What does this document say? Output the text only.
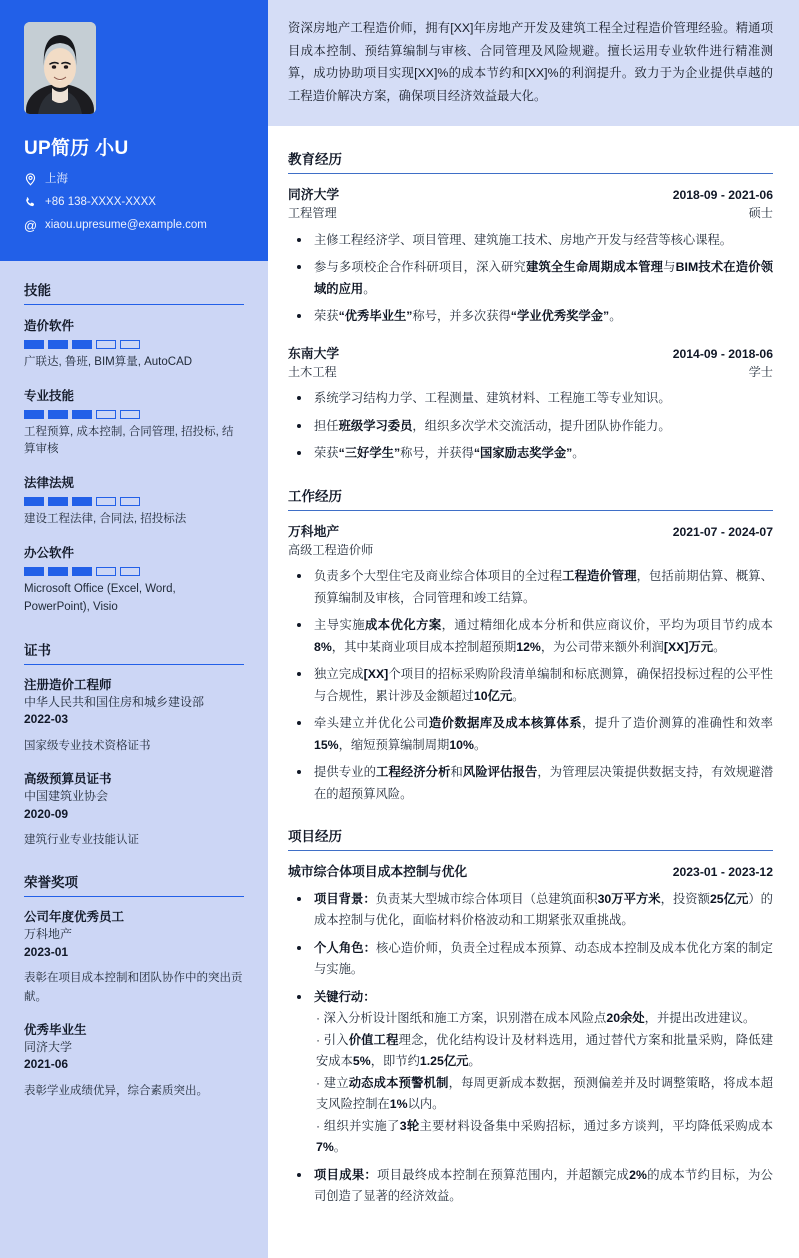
UP简历 小U
上海
+86 138-XXXX-XXXX
@ xiaou.upresume@example.com
技能
造价软件
广联达, 鲁班, BIM算量, AutoCAD
专业技能
工程预算, 成本控制, 合同管理, 招投标, 结算审核
法律法规
建设工程法律, 合同法, 招投标法
办公软件
Microsoft Office (Excel, Word, PowerPoint), Visio
证书
注册造价工程师
中华人民共和国住房和城乡建设部
2022-03
国家级专业技术资格证书
高级预算员证书
中国建筑业协会
2020-09
建筑行业专业技能认证
荣誉奖项
公司年度优秀员工
万科地产
2023-01
表彰在项目成本控制和团队协作中的突出贡献。
优秀毕业生
同济大学
2021-06
表彰学业成绩优异，综合素质突出。
资深房地产工程造价师，拥有[XX]年房地产开发及建筑工程全过程造价管理经验。精通项目成本控制、预结算编制与审核、合同管理及风险规避。擅长运用专业软件进行精准测算，成功协助项目实现[XX]%的成本节约和[XX]%的利润提升。致力于为企业提供卓越的工程造价解决方案，确保项目经济效益最大化。
教育经历
同济大学	2018-09 - 2021-06
工程管理	硕士
主修工程经济学、项目管理、建筑施工技术、房地产开发与经营等核心课程。
参与多项校企合作科研项目，深入研究建筑全生命周期成本管理与BIM技术在造价领域的应用。
荣获“优秀毕业生”称号，并多次获得“学业优秀奖学金”。
东南大学	2014-09 - 2018-06
土木工程	学士
系统学习结构力学、工程测量、建筑材料、工程施工等专业知识。
担任班级学习委员，组织多次学术交流活动，提升团队协作能力。
荣获“三好学生”称号，并获得“国家励志奖学金”。
工作经历
万科地产	2021-07 - 2024-07
高级工程造价师
负责多个大型住宅及商业综合体项目的全过程工程造价管理，包括前期估算、概算、预算编制及审核，合同管理和竣工结算。
主导实施成本优化方案，通过精细化成本分析和供应商议价，平均为项目节约成本8%，其中某商业项目成本控制超预期12%，为公司带来额外利润[XX]万元。
独立完成[XX]个项目的招标采购阶段清单编制和标底测算，确保招投标过程的公平性与合规性，累计涉及金额超过10亿元。
牵头建立并优化公司造价数据库及成本核算体系，提升了造价测算的准确性和效率15%，缩短预算编制周期10%。
提供专业的工程经济分析和风险评估报告，为管理层决策提供数据支持，有效规避潜在的超预算风险。
项目经历
城市综合体项目成本控制与优化	2023-01 - 2023-12
项目背景：负责某大型城市综合体项目（总建筑面积30万平方米，投资额25亿元）的成本控制与优化，面临材料价格波动和工期紧张双重挑战。
个人角色：核心造价师，负责全过程成本预算、动态成本控制及成本优化方案的制定与实施。
关键行动：
· 深入分析设计图纸和施工方案，识别潜在成本风险点20余处，并提出改进建议。
· 引入价值工程理念，优化结构设计及材料选用，通过替代方案和批量采购，降低建安成本5%，即节约1.25亿元。
· 建立动态成本预警机制，每周更新成本数据，预测偏差并及时调整策略，将成本超支风险控制在1%以内。
· 组织并实施了3轮主要材料设备集中采购招标，通过多方谈判，平均降低采购成本7%。
项目成果：项目最终成本控制在预算范围内，并超额完成2%的成本节约目标，为公司创造了显著的经济效益。
